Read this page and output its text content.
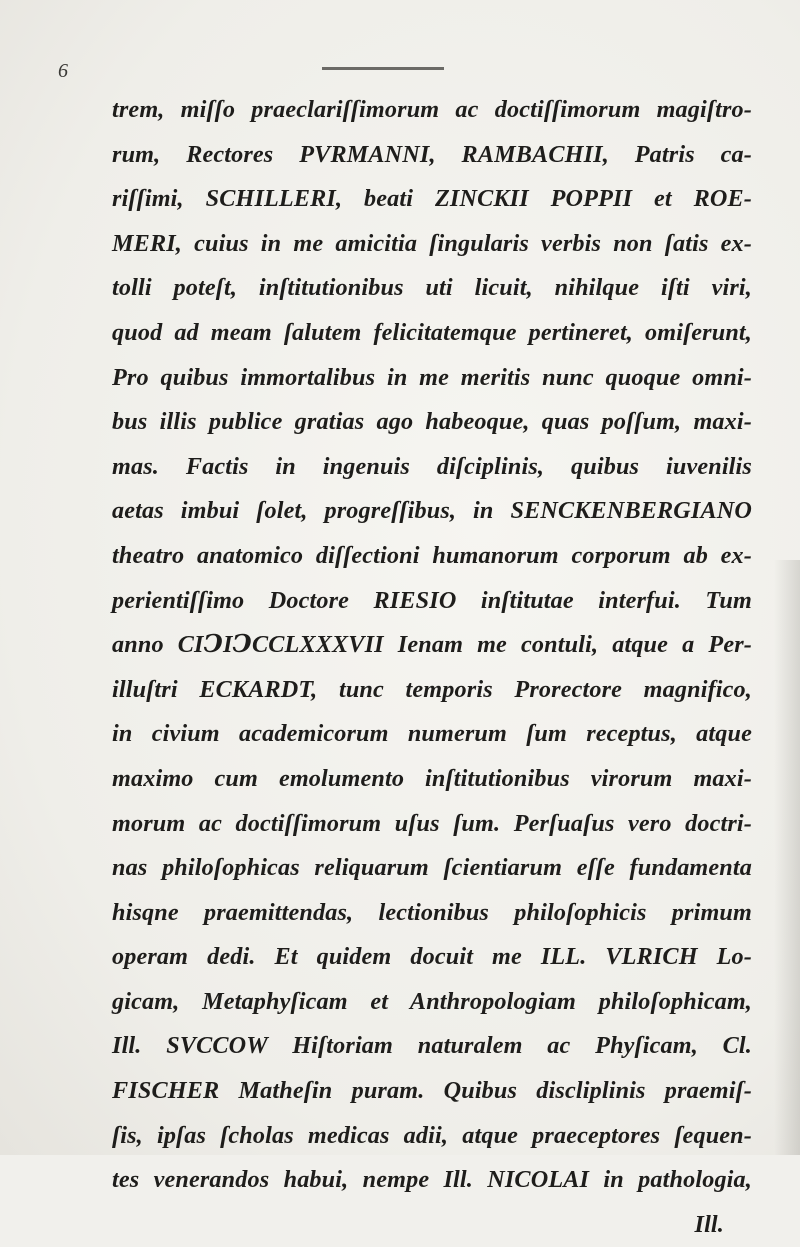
6
trem, miſſo praeclariſſimorum ac doctiſſimorum magiſtro-
rum, Rectores PVRMANNI, RAMBACHII, Patris ca-
riſſimi, SCHILLERI, beati ZINCKII POPPII et ROE-
MERI, cuius in me amicitia ſingularis verbis non ſatis ex-
tolli poteſt, inſtitutionibus uti licuit, nihilque iſti viri,
quod ad meam ſalutem felicitatemque pertineret, omiſerunt,
Pro quibus immortalibus in me meritis nunc quoque omni-
bus illis publice gratias ago habeoque, quas poſſum, maxi-
mas. Factis in ingenuis diſciplinis, quibus iuvenilis
aetas imbui ſolet, progreſſibus, in SENCKENBERGIANO
theatro anatomico diſſectioni humanorum corporum ab ex-
perientiſſimo Doctore RIESIO inſtitutae interfui. Tum
anno CIↃIↃCCLXXXVII Ienam me contuli, atque a Per-
illuſtri ECKARDT, tunc temporis Prorectore magnifico,
in civium academicorum numerum ſum receptus, atque
maximo cum emolumento inſtitutionibus virorum maxi-
morum ac doctiſſimorum uſus ſum. Perſuaſus vero doctri-
nas philoſophicas reliquarum ſcientiarum eſſe fundamenta
hisqne praemittendas, lectionibus philoſophicis primum
operam dedi. Et quidem docuit me ILL. VLRICH Lo-
gicam, Metaphyſicam et Anthropologiam philoſophicam,
Ill. SVCCOW Hiſtoriam naturalem ac Phyſicam, Cl.
FISCHER Matheſin puram. Quibus discliplinis praemiſ-
ſis, ipſas ſcholas medicas adii, atque praeceptores ſequen-
tes venerandos habui, nempe Ill. NICOLAI in pathologia,
Ill.
